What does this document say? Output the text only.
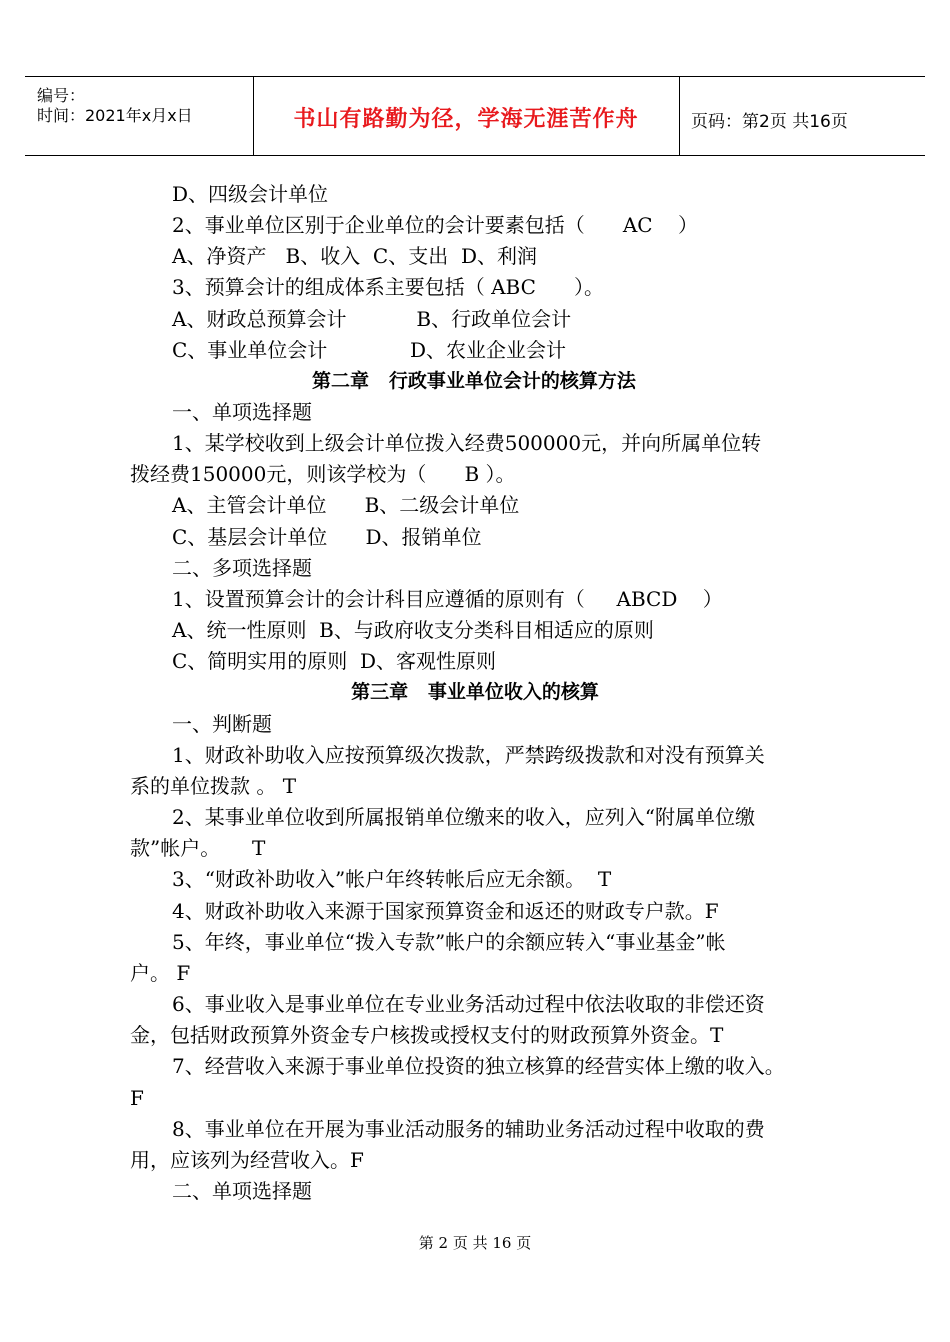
编号：
时间：2021年x月x日	书山有路勤为径，学海无涯苦作舟	页码：第2页 共16页
D、四级会计单位
2、事业单位区别于企业单位的会计要素包括（      AC    ）
A、净资产   B、收入  C、支出  D、利润
3、预算会计的组成体系主要包括（ ABC      ）。
A、财政总预算会计           B、行政单位会计
C、事业单位会计             D、农业企业会计
第二章   行政事业单位会计的核算方法
一、单项选择题
1、某学校收到上级会计单位拨入经费500000元，并向所属单位转
拨经费150000元，则该学校为（      B ）。
A、主管会计单位      B、二级会计单位
C、基层会计单位      D、报销单位
二、多项选择题
1、设置预算会计的会计科目应遵循的原则有（     ABCD    ）
A、统一性原则  B、与政府收支分类科目相适应的原则
C、简明实用的原则  D、客观性原则
第三章   事业单位收入的核算
一、判断题
1、财政补助收入应按预算级次拨款，严禁跨级拨款和对没有预算关
系的单位拨款 。 T
2、某事业单位收到所属报销单位缴来的收入，应列入“附属单位缴
款”帐户。     T
3、“财政补助收入”帐户年终转帐后应无余额。  T
4、财政补助收入来源于国家预算资金和返还的财政专户款。F
5、年终，事业单位“拨入专款”帐户的余额应转入“事业基金”帐
户。 F
6、事业收入是事业单位在专业业务活动过程中依法收取的非偿还资
金，包括财政预算外资金专户核拨或授权支付的财政预算外资金。T
7、经营收入来源于事业单位投资的独立核算的经营实体上缴的收入。
F
8、事业单位在开展为事业活动服务的辅助业务活动过程中收取的费
用，应该列为经营收入。F
二、单项选择题
第 2 页 共 16 页
